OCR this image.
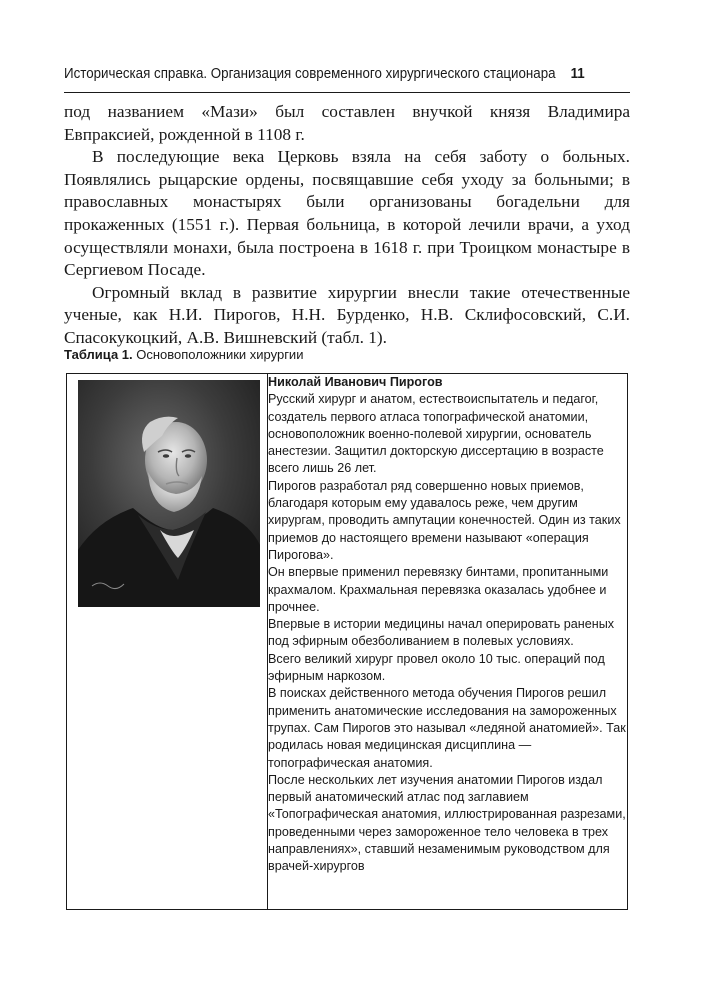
Историческая справка. Организация современного хирургического стационара 11

под названием «Мази» был составлен внучкой князя Владимира Евпраксией, рожденной в 1108 г.

В последующие века Церковь взяла на себя заботу о больных. Появлялись рыцарские ордены, посвящавшие себя уходу за больными; в православных монастырях были организованы богадельни для прокаженных (1551 г.). Первая больница, в которой лечили врачи, а уход осуществляли монахи, была построена в 1618 г. при Троицком монастыре в Сергиевом Посаде.

Огромный вклад в развитие хирургии внесли такие отечественные ученые, как Н.И. Пирогов, Н.Н. Бурденко, Н.В. Склифосовский, С.И. Спасокукоцкий, А.В. Вишневский (табл. 1).

Таблица 1. Основоположники хирургии

Николай Иванович Пирогов

Русский хирург и анатом, естествоиспытатель и педагог, создатель первого атласа топографической анатомии, основоположник военно-полевой хирургии, основатель анестезии. Защитил докторскую диссертацию в возрасте всего лишь 26 лет.

Пирогов разработал ряд совершенно новых приемов, благодаря которым ему удавалось реже, чем другим хирургам, проводить ампутации конечностей. Один из таких приемов до настоящего времени называют «операция Пирогова».

Он впервые применил перевязку бинтами, пропитанными крахмалом. Крахмальная перевязка оказалась удобнее и прочнее.

Впервые в истории медицины начал оперировать раненых под эфирным обезболиванием в полевых условиях.

Всего великий хирург провел около 10 тыс. операций под эфирным наркозом.

В поисках действенного метода обучения Пирогов решил применить анатомические исследования на замороженных трупах. Сам Пирогов это называл «ледяной анатомией». Так родилась новая медицинская дисциплина — топографическая анатомия.

После нескольких лет изучения анатомии Пирогов издал первый анатомический атлас под заглавием «Топографическая анатомия, иллюстрированная разрезами, проведенными через замороженное тело человека в трех направлениях», ставший незаменимым руководством для врачей-хирургов
